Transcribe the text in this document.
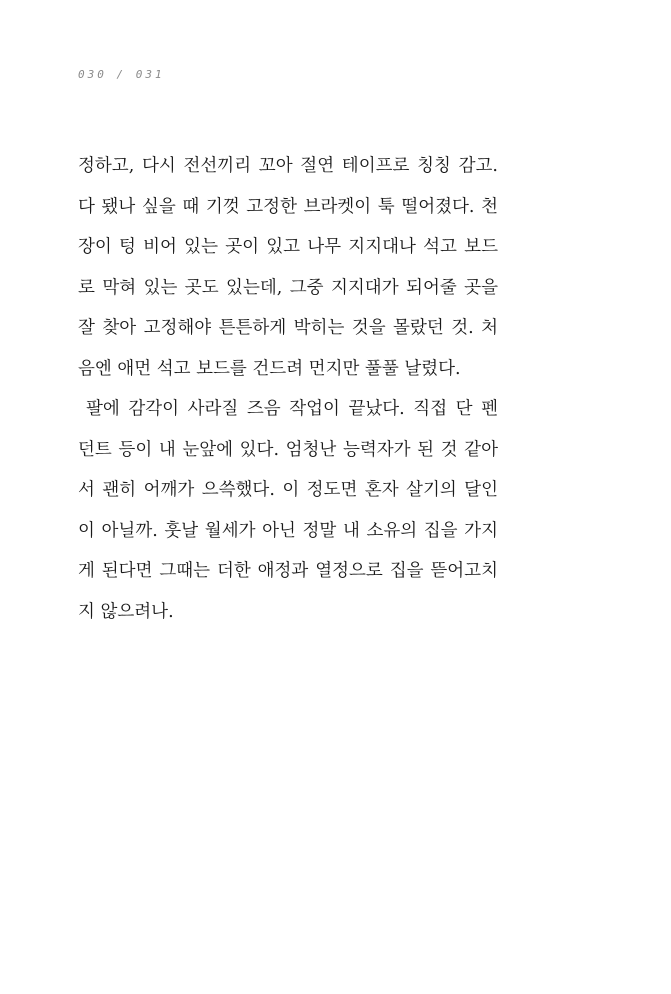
030 / 031
정하고, 다시 전선끼리 꼬아 절연 테이프로 칭칭 감고.
다 됐나 싶을 때 기껏 고정한 브라켓이 툭 떨어졌다. 천
장이 텅 비어 있는 곳이 있고 나무 지지대나 석고 보드
로 막혀 있는 곳도 있는데, 그중 지지대가 되어줄 곳을
잘 찾아 고정해야 튼튼하게 박히는 것을 몰랐던 것. 처
음엔 애먼 석고 보드를 건드려 먼지만 풀풀 날렸다.
팔에 감각이 사라질 즈음 작업이 끝났다. 직접 단 펜
던트 등이 내 눈앞에 있다. 엄청난 능력자가 된 것 같아
서 괜히 어깨가 으쓱했다. 이 정도면 혼자 살기의 달인
이 아닐까. 훗날 월세가 아닌 정말 내 소유의 집을 가지
게 된다면 그때는 더한 애정과 열정으로 집을 뜯어고치
지 않으려나.
